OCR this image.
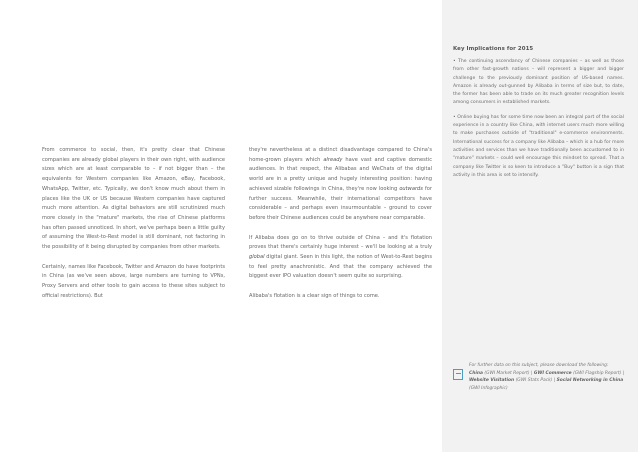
From commerce to social, then, it's pretty clear that Chinese companies are already global players in their own right, with audience sizes which are at least comparable to – if not bigger than – the equivalents for Western companies like Amazon, eBay, Facebook, WhatsApp, Twitter, etc. Typically, we don't know much about them in places like the UK or US because Western companies have captured much more attention. As digital behaviors are still scrutinized much more closely in the "mature" markets, the rise of Chinese platforms has often passed unnoticed. In short, we've perhaps been a little guilty of assuming the West-to-Rest model is still dominant, not factoring in the possibility of it being disrupted by companies from other markets.

Certainly, names like Facebook, Twitter and Amazon do have footprints in China (as we've seen above, large numbers are turning to VPNs, Proxy Servers and other tools to gain access to these sites subject to official restrictions). But

they're nevertheless at a distinct disadvantage compared to China's home-grown players which already have vast and captive domestic audiences. In that respect, the Alibabas and WeChats of the digital world are in a pretty unique and hugely interesting position: having achieved sizable followings in China, they're now looking outwards for further success. Meanwhile, their international competitors have considerable – and perhaps even insurmountable – ground to cover before their Chinese audiences could be anywhere near comparable.

If Alibaba does go on to thrive outside of China – and it's flotation proves that there's certainly huge interest – we'll be looking at a truly global digital giant. Seen in this light, the notion of West-to-Rest begins to feel pretty anachronistic. And that the company achieved the biggest ever IPO valuation doesn't seem quite so surprising.

Alibaba's flotation is a clear sign of things to come.

Key Implications for 2015

• The continuing ascendancy of Chinese companies – as well as those from other fast-growth nations – will represent a bigger and bigger challenge to the previously dominant position of US-based names. Amazon is already out-gunned by Alibaba in terms of size but, to date, the former has been able to trade on its much greater recognition levels among consumers in established markets.

• Online buying has for some time now been an integral part of the social experience in a country like China, with internet users much more willing to make purchases outside of "traditional" e-commerce environments. International success for a company like Alibaba – which is a hub for more activities and services than we have traditionally been accustomed to in "mature" markets – could well encourage this mindset to spread. That a company like Twitter is so keen to introduce a "Buy" button is a sign that activity in this area is set to intensify.

For further data on this subject, please download the following:
China (GWI Market Report) | GWI Commerce (GWI Flagship Report) | Website Visitation (GWI Stats Pack) | Social Networking in China (GWI Infographic)
